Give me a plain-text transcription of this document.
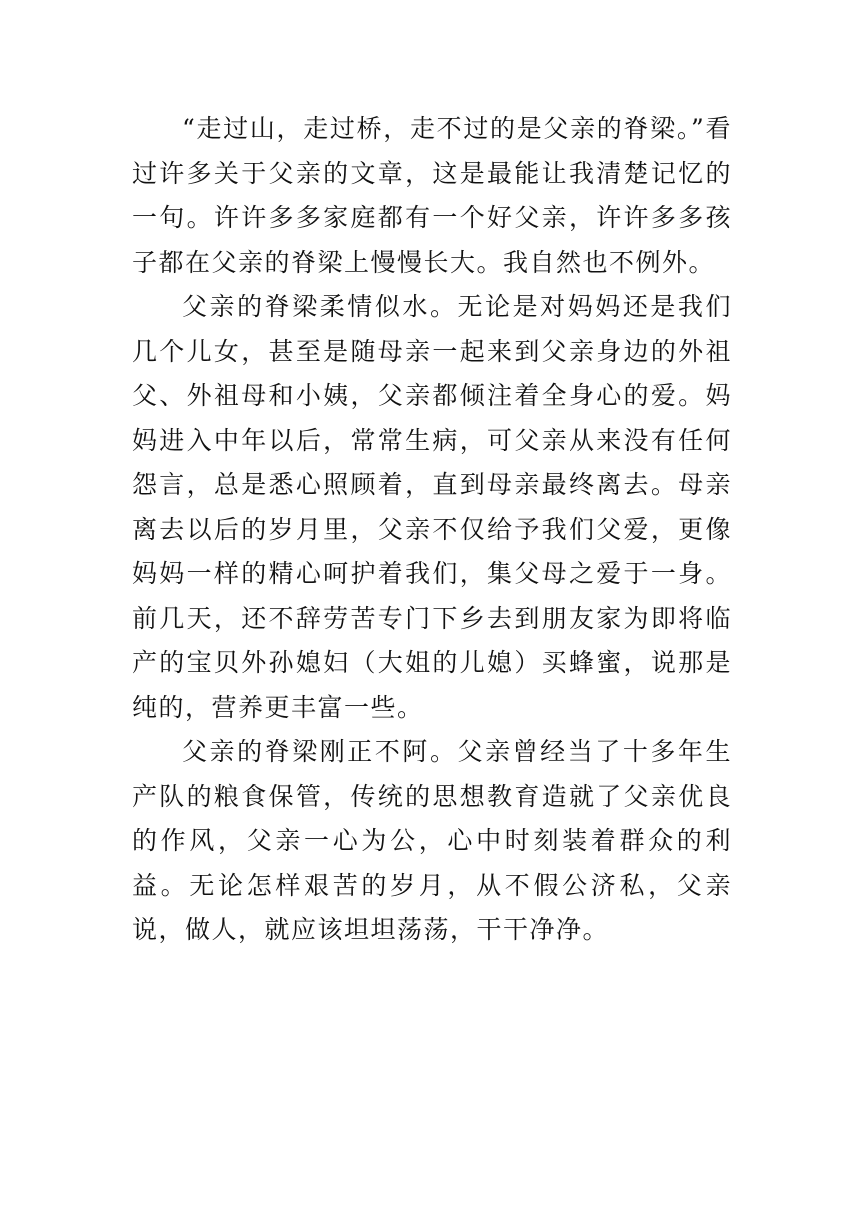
“走过山，走过桥，走不过的是父亲的脊梁。”看过许多关于父亲的文章，这是最能让我清楚记忆的一句。许许多多家庭都有一个好父亲，许许多多孩子都在父亲的脊梁上慢慢长大。我自然也不例外。

父亲的脊梁柔情似水。无论是对妈妈还是我们几个儿女，甚至是随母亲一起来到父亲身边的外祖父、外祖母和小姨，父亲都倾注着全身心的爱。妈妈进入中年以后，常常生病，可父亲从来没有任何怨言，总是悉心照顾着，直到母亲最终离去。母亲离去以后的岁月里，父亲不仅给予我们父爱，更像妈妈一样的精心呵护着我们，集父母之爱于一身。前几天，还不辞劳苦专门下乡去到朋友家为即将临产的宝贝外孙媳妇（大姐的儿媳）买蜂蜜，说那是纯的，营养更丰富一些。

父亲的脊梁刚正不阿。父亲曾经当了十多年生产队的粮食保管，传统的思想教育造就了父亲优良的作风，父亲一心为公，心中时刻装着群众的利益。无论怎样艰苦的岁月，从不假公济私，父亲说，做人，就应该坦坦荡荡，干干净净。
